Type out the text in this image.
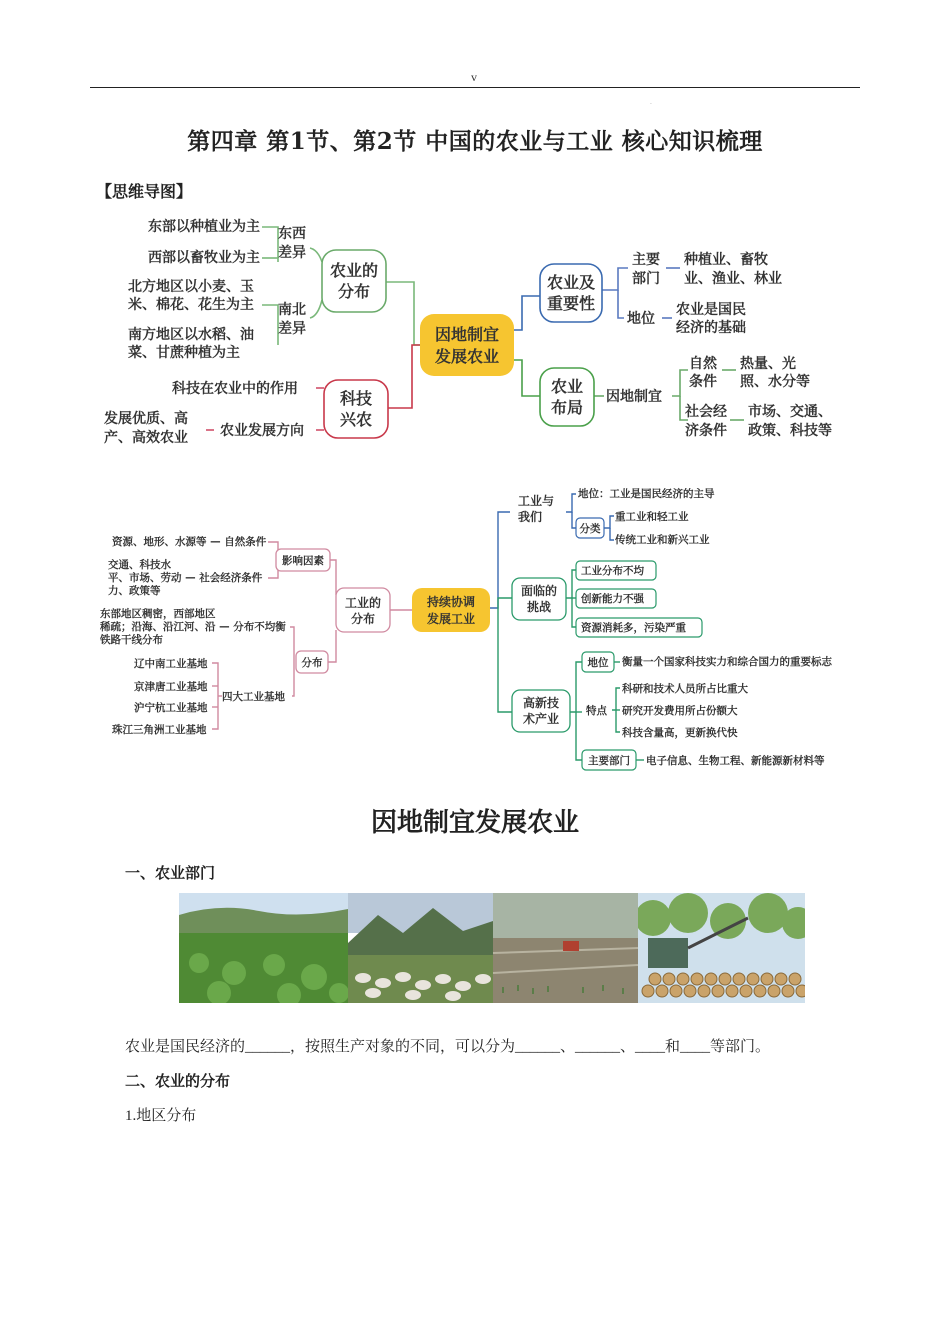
v
.
第四章 第1节、第2节 中国的农业与工业 核心知识梳理
【思维导图】
东部以种植业为主
西部以畜牧业为主
东西
差异
北方地区以小麦、玉
米、棉花、花生为主
南方地区以水稻、油
菜、甘蔗种植为主
南北
差异
农业的
分布
科技在农业中的作用
农业发展方向
发展优质、高
产、高效农业
科技
兴农
因地制宜
发展农业
农业及
重要性
主要
部门
种植业、畜牧
业、渔业、林业
地位
农业是国民
经济的基础
农业
布局
因地制宜
自然
条件
热量、光
照、水分等
社会经
济条件
市场、交通、
政策、科技等
资源、地形、水源等 — 自然条件
交通、科技水
平、市场、劳动 — 社会经济条件
力、政策等
影响因素
东部地区稠密，西部地区
稀疏；沿海、沿江河、沿 — 分布不均衡
铁路干线分布
分布
辽中南工业基地
京津唐工业基地
沪宁杭工业基地
珠江三角洲工业基地
四大工业基地
工业的
分布
持续协调
发展工业
工业与
我们
地位：工业是国民经济的主导
分类
重工业和轻工业
传统工业和新兴工业
面临的
挑战
工业分布不均
创新能力不强
资源消耗多，污染严重
高新技
术产业
地位 衡量一个国家科技实力和综合国力的重要标志
特点
科研和技术人员所占比重大
研究开发费用所占份额大
科技含量高，更新换代快
主要部门 电子信息、生物工程、新能源新材料等
因地制宜发展农业
一、农业部门
农业是国民经济的______，按照生产对象的不同，可以分为______、______、____和____等部门。
二、农业的分布
1.地区分布
